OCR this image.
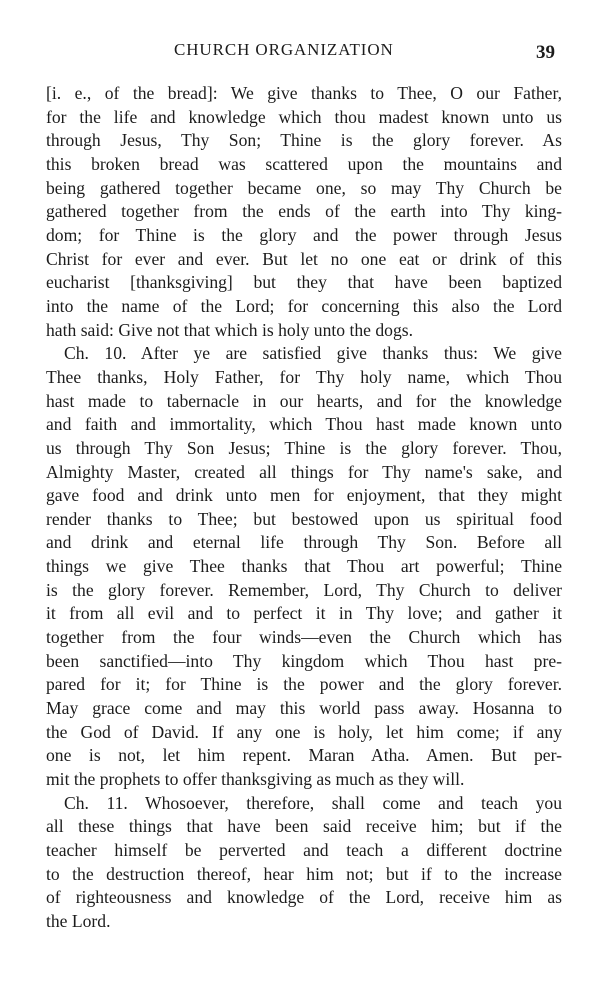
CHURCH ORGANIZATION	39
[i. e., of the bread]: We give thanks to Thee, O our Father,
for the life and knowledge which thou madest known unto us
through Jesus, Thy Son; Thine is the glory forever. As
this broken bread was scattered upon the mountains and
being gathered together became one, so may Thy Church be
gathered together from the ends of the earth into Thy king-
dom; for Thine is the glory and the power through Jesus
Christ for ever and ever. But let no one eat or drink of this
eucharist [thanksgiving] but they that have been baptized
into the name of the Lord; for concerning this also the Lord
hath said: Give not that which is holy unto the dogs.
Ch. 10. After ye are satisfied give thanks thus: We give
Thee thanks, Holy Father, for Thy holy name, which Thou
hast made to tabernacle in our hearts, and for the knowledge
and faith and immortality, which Thou hast made known unto
us through Thy Son Jesus; Thine is the glory forever. Thou,
Almighty Master, created all things for Thy name's sake, and
gave food and drink unto men for enjoyment, that they might
render thanks to Thee; but bestowed upon us spiritual food
and drink and eternal life through Thy Son. Before all
things we give Thee thanks that Thou art powerful; Thine
is the glory forever. Remember, Lord, Thy Church to deliver
it from all evil and to perfect it in Thy love; and gather it
together from the four winds—even the Church which has
been sanctified—into Thy kingdom which Thou hast pre-
pared for it; for Thine is the power and the glory forever.
May grace come and may this world pass away. Hosanna to
the God of David. If any one is holy, let him come; if any
one is not, let him repent. Maran Atha. Amen. But per-
mit the prophets to offer thanksgiving as much as they will.
Ch. 11. Whosoever, therefore, shall come and teach you
all these things that have been said receive him; but if the
teacher himself be perverted and teach a different doctrine
to the destruction thereof, hear him not; but if to the increase
of righteousness and knowledge of the Lord, receive him as
the Lord.
